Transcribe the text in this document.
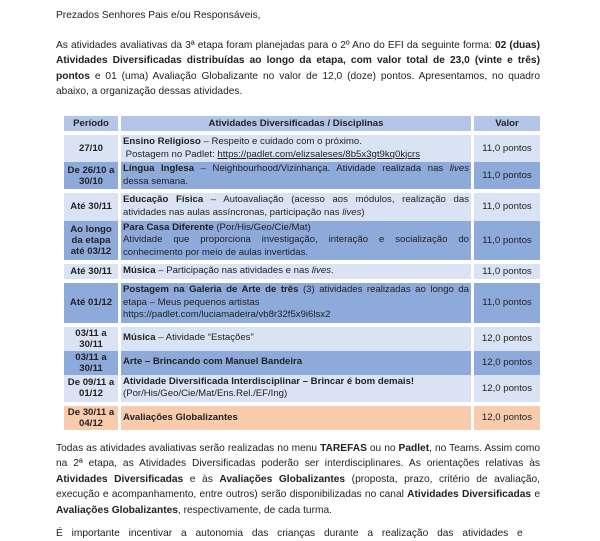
Prezados Senhores Pais e/ou Responsáveis,

As atividades avaliativas da 3ª etapa foram planejadas para o 2º Ano do EFI da seguinte forma: 02 (duas) Atividades Diversificadas distribuídas ao longo da etapa, com valor total de 23,0 (vinte e três) pontos e 01 (uma) Avaliação Globalizante no valor de 12,0 (doze) pontos. Apresentamos, no quadro abaixo, a organização dessas atividades.

Período	Atividades Diversificadas / Disciplinas	Valor
27/10	Ensino Religioso – Respeito e cuidado com o próximo.
Postagem no Padlet: https://padlet.com/elizsaleses/8b5x3gt9kq0kjcrs	11,0 pontos
De 26/10 a 30/10	Língua Inglesa – Neighbourhood/Vizinhança. Atividade realizada nas lives dessa semana.	11,0 pontos
Até 30/11	Educação Física – Autoavaliação (acesso aos módulos, realização das atividades nas aulas assíncronas, participação nas lives)	11,0 pontos
Ao longo da etapa até 03/12	Para Casa Diferente (Por/His/Geo/Cie/Mat)
Atividade que proporciona investigação, interação e socialização do conhecimento por meio de aulas invertidas.	11,0 pontos
Até 30/11	Música – Participação nas atividades e nas lives.	11,0 pontos
Até 01/12	Postagem na Galeria de Arte de três (3) atividades realizadas ao longo da etapa – Meus pequenos artistas
https://padlet.com/luciamadeira/vb8r32f5x9i6lsx2	11,0 pontos
03/11 a 30/11	Música – Atividade “Estações”	12,0 pontos
03/11 a 30/11	Arte – Brincando com Manuel Bandeira	12,0 pontos
De 09/11 a 01/12	Atividade Diversificada Interdisciplinar – Brincar é bom demais!
(Por/His/Geo/Cie/Mat/Ens.Rel./EF/Ing)	12,0 pontos
De 30/11 a 04/12	Avaliações Globalizantes	12,0 pontos

Todas as atividades avaliativas serão realizadas no menu TAREFAS ou no Padlet, no Teams. Assim como na 2ª etapa, as Atividades Diversificadas poderão ser interdisciplinares. As orientações relativas às Atividades Diversificadas e às Avaliações Globalizantes (proposta, prazo, critério de avaliação, execução e acompanhamento, entre outros) serão disponibilizadas no canal Atividades Diversificadas e Avaliações Globalizantes, respectivamente, de cada turma.

É importante incentivar a autonomia das crianças durante a realização das atividades e
